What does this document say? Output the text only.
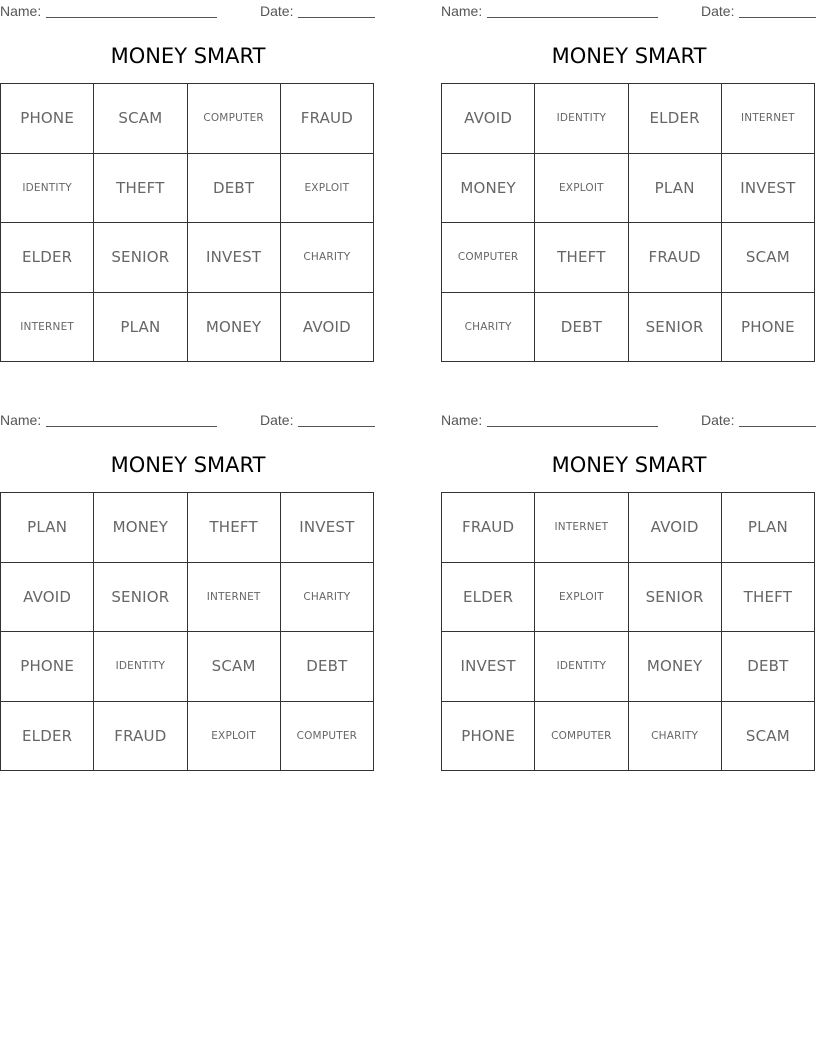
Name:	Date:
MONEY SMART
PHONE	SCAM	COMPUTER	FRAUD
IDENTITY	THEFT	DEBT	EXPLOIT
ELDER	SENIOR	INVEST	CHARITY
INTERNET	PLAN	MONEY	AVOID
Name:	Date:
MONEY SMART
AVOID	IDENTITY	ELDER	INTERNET
MONEY	EXPLOIT	PLAN	INVEST
COMPUTER	THEFT	FRAUD	SCAM
CHARITY	DEBT	SENIOR	PHONE
Name:	Date:
MONEY SMART
PLAN	MONEY	THEFT	INVEST
AVOID	SENIOR	INTERNET	CHARITY
PHONE	IDENTITY	SCAM	DEBT
ELDER	FRAUD	EXPLOIT	COMPUTER
Name:	Date:
MONEY SMART
FRAUD	INTERNET	AVOID	PLAN
ELDER	EXPLOIT	SENIOR	THEFT
INVEST	IDENTITY	MONEY	DEBT
PHONE	COMPUTER	CHARITY	SCAM
